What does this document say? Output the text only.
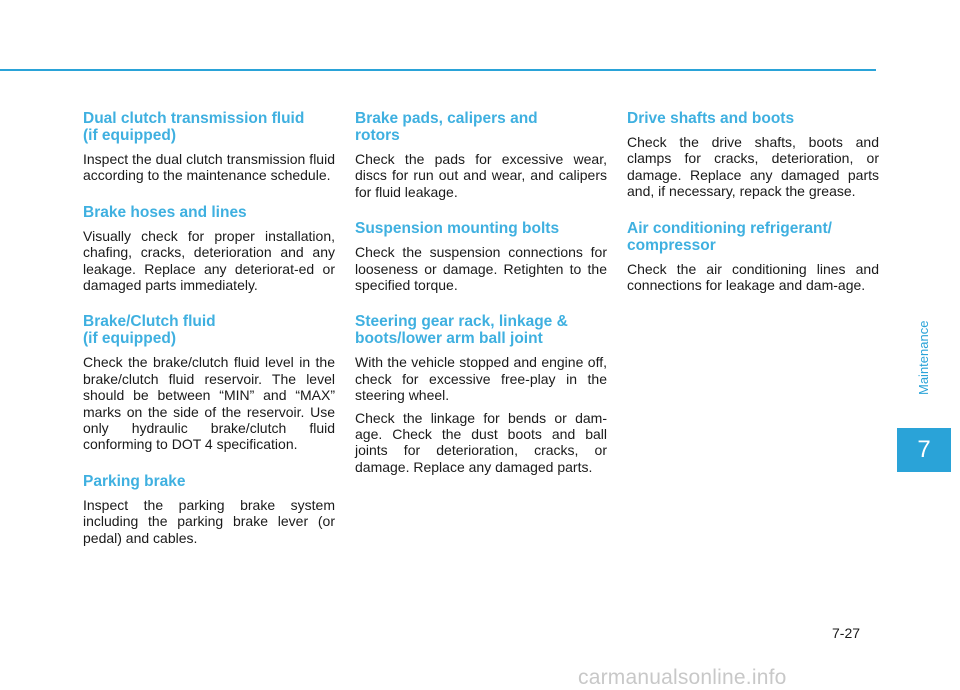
Dual clutch transmission fluid
(if equipped)

Inspect the dual clutch transmission fluid according to the maintenance schedule.

Brake hoses and lines

Visually check for proper installation, chafing, cracks, deterioration and any leakage. Replace any deteriorat-ed or damaged parts immediately.

Brake/Clutch fluid
(if equipped)

Check the brake/clutch fluid level in the brake/clutch fluid reservoir. The level should be between “MIN” and “MAX” marks on the side of the reservoir. Use only hydraulic brake/clutch fluid conforming to DOT 4 specification.

Parking brake

Inspect the parking brake system including the parking brake lever (or pedal) and cables.

Brake pads, calipers and
rotors

Check the pads for excessive wear, discs for run out and wear, and calipers for fluid leakage.

Suspension mounting bolts

Check the suspension connections for looseness or damage. Retighten to the specified torque.

Steering gear rack, linkage &
boots/lower arm ball joint

With the vehicle stopped and engine off, check for excessive free-play in the steering wheel.

Check the linkage for bends or dam-age. Check the dust boots and ball joints for deterioration, cracks, or damage. Replace any damaged parts.

Drive shafts and boots

Check the drive shafts, boots and clamps for cracks, deterioration, or damage. Replace any damaged parts and, if necessary, repack the grease.

Air conditioning refrigerant/
compressor

Check the air conditioning lines and connections for leakage and dam-age.

Maintenance
7
7-27
carmanualsonline.info
